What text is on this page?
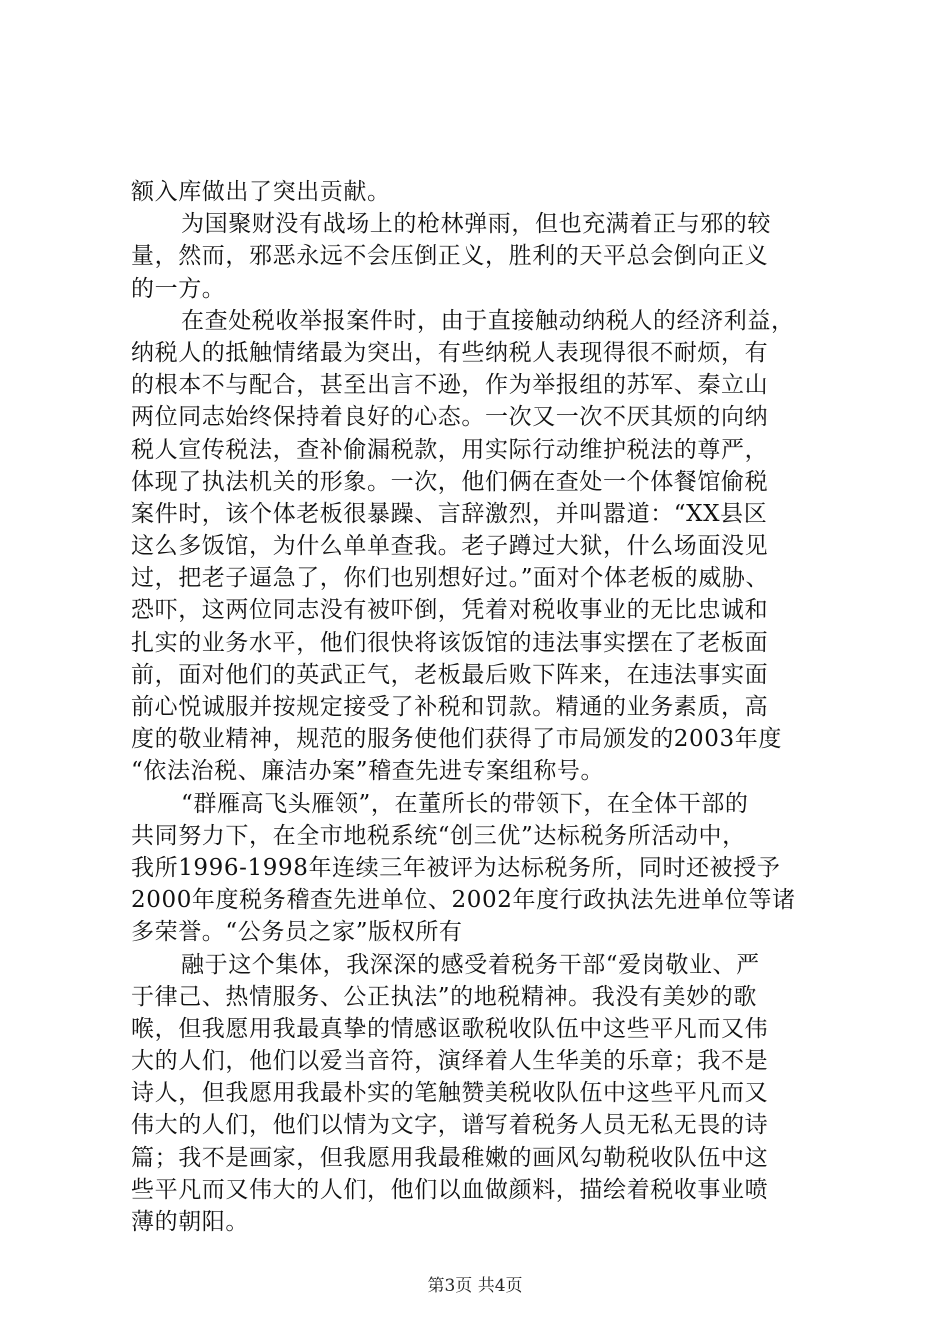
额入库做出了突出贡献。
为国聚财没有战场上的枪林弹雨，但也充满着正与邪的较
量，然而，邪恶永远不会压倒正义，胜利的天平总会倒向正义
的一方。
在查处税收举报案件时，由于直接触动纳税人的经济利益，
纳税人的抵触情绪最为突出，有些纳税人表现得很不耐烦，有
的根本不与配合，甚至出言不逊，作为举报组的苏军、秦立山
两位同志始终保持着良好的心态。一次又一次不厌其烦的向纳
税人宣传税法，查补偷漏税款，用实际行动维护税法的尊严，
体现了执法机关的形象。一次，他们俩在查处一个体餐馆偷税
案件时，该个体老板很暴躁、言辞激烈，并叫嚣道：“XX县区
这么多饭馆，为什么单单查我。老子蹲过大狱，什么场面没见
过，把老子逼急了，你们也别想好过。”面对个体老板的威胁、
恐吓，这两位同志没有被吓倒，凭着对税收事业的无比忠诚和
扎实的业务水平，他们很快将该饭馆的违法事实摆在了老板面
前，面对他们的英武正气，老板最后败下阵来，在违法事实面
前心悦诚服并按规定接受了补税和罚款。精通的业务素质，高
度的敬业精神，规范的服务使他们获得了市局颁发的2003年度
“依法治税、廉洁办案”稽查先进专案组称号。
“群雁高飞头雁领”，在董所长的带领下，在全体干部的
共同努力下，在全市地税系统“创三优”达标税务所活动中，
我所1996-1998年连续三年被评为达标税务所，同时还被授予
2000年度税务稽查先进单位、2002年度行政执法先进单位等诸
多荣誉。“公务员之家”版权所有
融于这个集体，我深深的感受着税务干部“爱岗敬业、严
于律己、热情服务、公正执法”的地税精神。我没有美妙的歌
喉，但我愿用我最真挚的情感讴歌税收队伍中这些平凡而又伟
大的人们，他们以爱当音符，演绎着人生华美的乐章；我不是
诗人，但我愿用我最朴实的笔触赞美税收队伍中这些平凡而又
伟大的人们，他们以情为文字，谱写着税务人员无私无畏的诗
篇；我不是画家，但我愿用我最稚嫩的画风勾勒税收队伍中这
些平凡而又伟大的人们，他们以血做颜料，描绘着税收事业喷
薄的朝阳。
第3页 共4页
